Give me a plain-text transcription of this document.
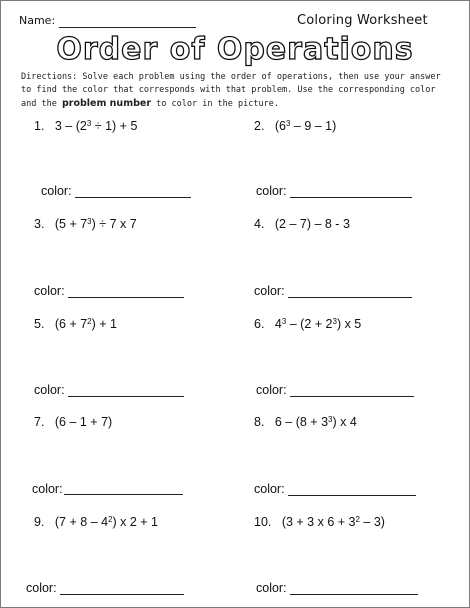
Name:	Coloring Worksheet
Order of Operations
Directions: Solve each problem using the order of operations, then use your answer to find the color that corresponds with that problem. Use the corresponding color and the problem number to color in the picture.
1. $3 - (2^3 \div 1) + 5$	2. $(6^3 - 9 - 1)$
color:	color:
3. $(5 + 7^3) \div 7$ x 7	4. (2 – 7) – 8 - 3
color:	color:
5. $(6 + 7^2) + 1$	6. $4^3 - (2 + 2^3)$ x 5
color:	color:
7. (6 – 1 + 7)	8. $6 - (8 + 3^3)$ x 4
color:	color:
9. $(7 + 8 - 4^2)$ x 2 + 1	10. (3 + 3 x $6 + 3^2 - 3$)
color:	color:
